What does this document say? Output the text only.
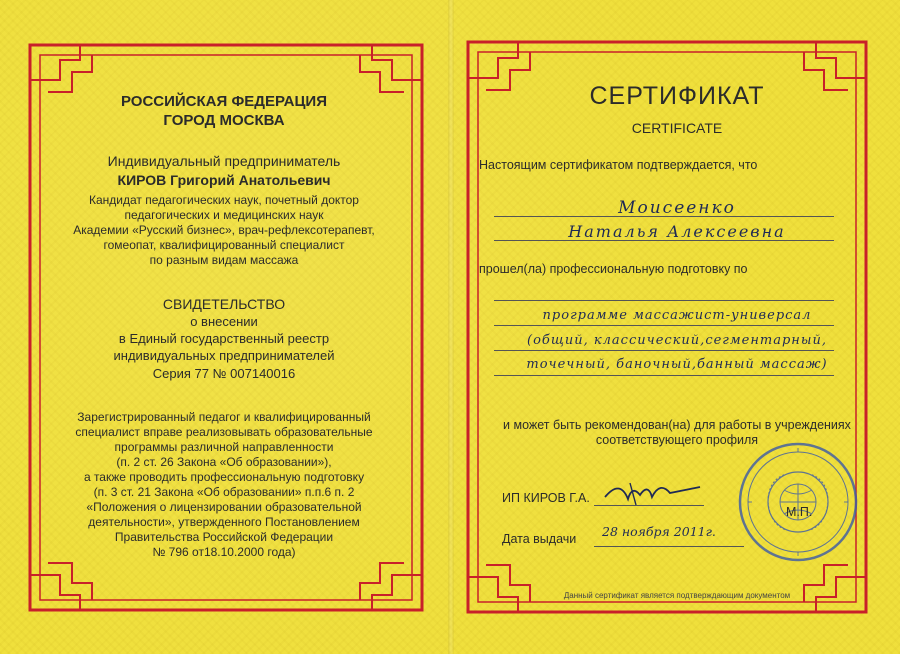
РОССИЙСКАЯ ФЕДЕРАЦИЯ
ГОРОД МОСКВА
Индивидуальный предприниматель
КИРОВ Григорий Анатольевич
Кандидат педагогических наук, почетный доктор
педагогических и медицинских наук
Академии «Русский бизнес», врач-рефлексотерапевт,
гомеопат, квалифицированный специалист
по разным видам массажа
СВИДЕТЕЛЬСТВО
о внесении
в Единый государственный реестр
индивидуальных предпринимателей
Серия 77 № 007140016
Зарегистрированный педагог и квалифицированный
специалист вправе реализовывать образовательные
программы различной направленности
(п. 2 ст. 26 Закона «Об образовании»),
а также проводить профессиональную подготовку
(п. 3 ст. 21 Закона «Об образовании» п.п.6 п. 2
«Положения о лицензировании образовательной
деятельности», утвержденного Постановлением
Правительства Российской Федерации
№ 796 от18.10.2000 года)
СЕРТИФИКАТ
CERTIFICATE
Настоящим сертификатом подтверждается, что
Моисеенко
Наталья Алексеевна
прошел(ла) профессиональную подготовку по
программе массажист-универсал
(общий, классический,сегментарный,
точечный, баночный,банный массаж)
и может быть рекомендован(на) для работы в учреждениях
соответствующего профиля
ИП КИРОВ Г.А.
М.П.
Дата выдачи 28 ноября 2011г.
Данный сертификат является подтверждающим документом
